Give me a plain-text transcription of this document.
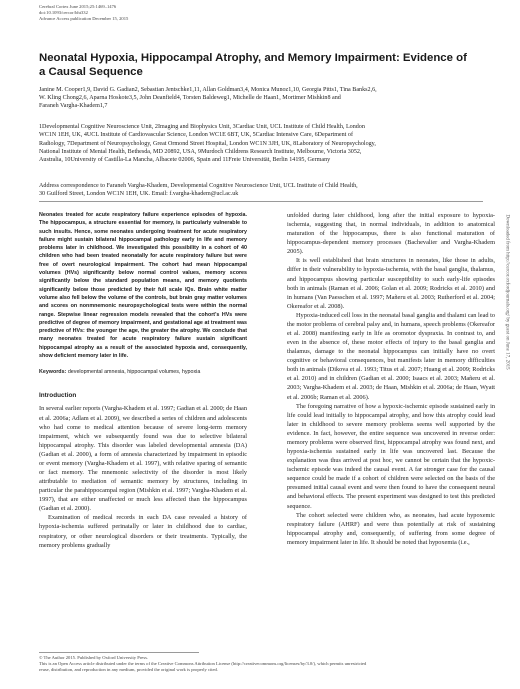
Cerebral Cortex June 2015;25:1469–1476
doi:10.1093/cercor/bht332
Advance Access publication December 15, 2015
Neonatal Hypoxia, Hippocampal Atrophy, and Memory Impairment: Evidence of a Causal Sequence
Janine M. Cooper1,9, David G. Gadian2, Sebastian Jentschke1,11, Allan Goldman3,4, Monica Munoz1,10, Georgia Pitts1, Tina Banks2,6,
W. Kling Chong2,6, Aparna Hoskote3,5, John Deanfield4, Torsten Baldeweg1, Michelle de Haan1, Mortimer Mishkin8 and
Faraneh Vargha-Khadem1,7
1Developmental Cognitive Neuroscience Unit, 2Imaging and Biophysics Unit, 3Cardiac Unit, UCL Institute of Child Health, London
WC1N 1EH, UK, 4UCL Institute of Cardiovascular Science, London WC1E 6BT, UK, 5Cardiac Intensive Care, 6Department of
Radiology, 7Department of Neuropsychology, Great Ormond Street Hospital, London WC1N 3JH, UK, 8Laboratory of Neuropsychology,
National Institute of Mental Health, Bethesda, MD 20892, USA, 9Murdoch Childrens Research Institute, Melbourne, Victoria 3052,
Australia, 10University of Castilla-La Mancha, Albacete 02006, Spain and 11Freie Universität, Berlin 14195, Germany
Address correspondence to Faraneh Vargha-Khadem, Developmental Cognitive Neuroscience Unit, UCL Institute of Child Health,
30 Guilford Street, London WC1N 1EH, UK. Email: f.vargha-khadem@ucl.ac.uk

Neonates treated for acute respiratory failure experience episodes of hypoxia. The hippocampus, a structure essential for memory, is particularly vulnerable to such insults. Hence, some neonates undergoing treatment for acute respiratory failure might sustain bilateral hippocampal pathology early in life and memory problems later in childhood. We investigated this possibility in a cohort of 40 children who had been treated neonatally for acute respiratory failure but were free of overt neurological impairment. The cohort had mean hippocampal volumes (HVs) significantly below normal control values, memory scores significantly below the standard population means, and memory quotients significantly below those predicted by their full scale IQs. Brain white matter volume also fell below the volume of the controls, but brain gray matter volumes and scores on nonmnemonic neuropsychological tests were within the normal range. Stepwise linear regression models revealed that the cohort's HVs were predictive of degree of memory impairment, and gestational age at treatment was predictive of HVs: the younger the age, the greater the atrophy. We conclude that many neonates treated for acute respiratory failure sustain significant hippocampal atrophy as a result of the associated hypoxia and, consequently, show deficient memory later in life.

Keywords: developmental amnesia, hippocampal volumes, hypoxia

Introduction

In several earlier reports (Vargha-Khadem et al. 1997; Gadian et al. 2000; de Haan et al. 2006a; Adlam et al. 2009), we described a series of children and adolescents who had come to medical attention because of severe long-term memory impairment, which we subsequently found was due to selective bilateral hippocampal atrophy. This disorder was labeled developmental amnesia (DA) (Gadian et al. 2000), a form of amnesia characterized by impairment in episodic or event memory (Vargha-Khadem et al. 1997), with relative sparing of semantic or fact memory. The mnemonic selectivity of the disorder is most likely attributable to mediation of semantic memory by structures, including in particular the parahippocampal region (Mishkin et al. 1997; Vargha-Khadem et al. 1997), that are either unaffected or much less affected than the hippocampus (Gadian et al. 2000).

Examination of medical records in each DA case revealed a history of hypoxia-ischemia suffered perinatally or later in childhood due to cardiac, respiratory, or other neurological disorders or their treatments. Typically, the memory problems gradually

unfolded during later childhood, long after the initial exposure to hypoxia-ischemia, suggesting that, in normal individuals, in addition to anatomical maturation of the hippocampus, there is also functional maturation of hippocampus-dependent memory processes (Bachevalier and Vargha-Khadem 2005).

It is well established that brain structures in neonates, like those in adults, differ in their vulnerability to hypoxia-ischemia, with the basal ganglia, thalamus, and hippocampus showing particular susceptibility to such early-life episodes both in animals (Raman et al. 2006; Golan et al. 2009; Rodricks et al. 2010) and in humans (Van Paesschen et al. 1997; Mañeru et al. 2003; Rutherford et al. 2004; Okereafor et al. 2008).

Hypoxia-induced cell loss in the neonatal basal ganglia and thalami can lead to the motor problems of cerebral palsy and, in humans, speech problems (Okereafor et al. 2008) manifesting early in life as oromotor dyspraxia. In contrast to, and even in the absence of, these motor effects of injury to the basal ganglia and thalamus, damage to the neonatal hippocampus can initially have no overt cognitive or behavioral consequences, but manifests later in memory difficulties both in animals (Dikova et al. 1993; Titus et al. 2007; Huang et al. 2009; Rodricks et al. 2010) and in children (Gadian et al. 2000; Isaacs et al. 2003; Mañeru et al. 2003; Vargha-Khadem et al. 2003; de Haan, Mishkin et al. 2006a; de Haan, Wyatt et al. 2006b; Raman et al. 2006).

The foregoing narrative of how a hypoxic-ischemic episode sustained early in life could lead initially to hippocampal atrophy, and how this atrophy could lead later in childhood to severe memory problems seems well supported by the evidence. In fact, however, the entire sequence was uncovered in reverse order: memory problems were observed first, hippocampal atrophy was found next, and hypoxia-ischemia sustained early in life was uncovered last. Because the explanation was thus arrived at post hoc, we cannot be certain that the hypoxic-ischemic episode was indeed the causal event. A far stronger case for the causal sequence could be made if a cohort of children were selected on the basis of the presumed initial causal event and were then found to have the consequent neural and behavioral effects. The present experiment was designed to test this predicted sequence.

The cohort selected were children who, as neonates, had acute hypoxemic respiratory failure (AHRF) and were thus potentially at risk of sustaining hippocampal atrophy and, consequently, of suffering from some degree of memory impairment later in life. It should be noted that hypoxemia (i.e.,

© The Author 2015. Published by Oxford University Press.
This is an Open Access article distributed under the terms of the Creative Commons Attribution License (http://creativecommons.org/licenses/by/3.0/), which permits unrestricted
reuse, distribution, and reproduction in any medium, provided the original work is properly cited.
Downloaded from http://cercor.oxfordjournals.org/ by guest on June 17, 2015
